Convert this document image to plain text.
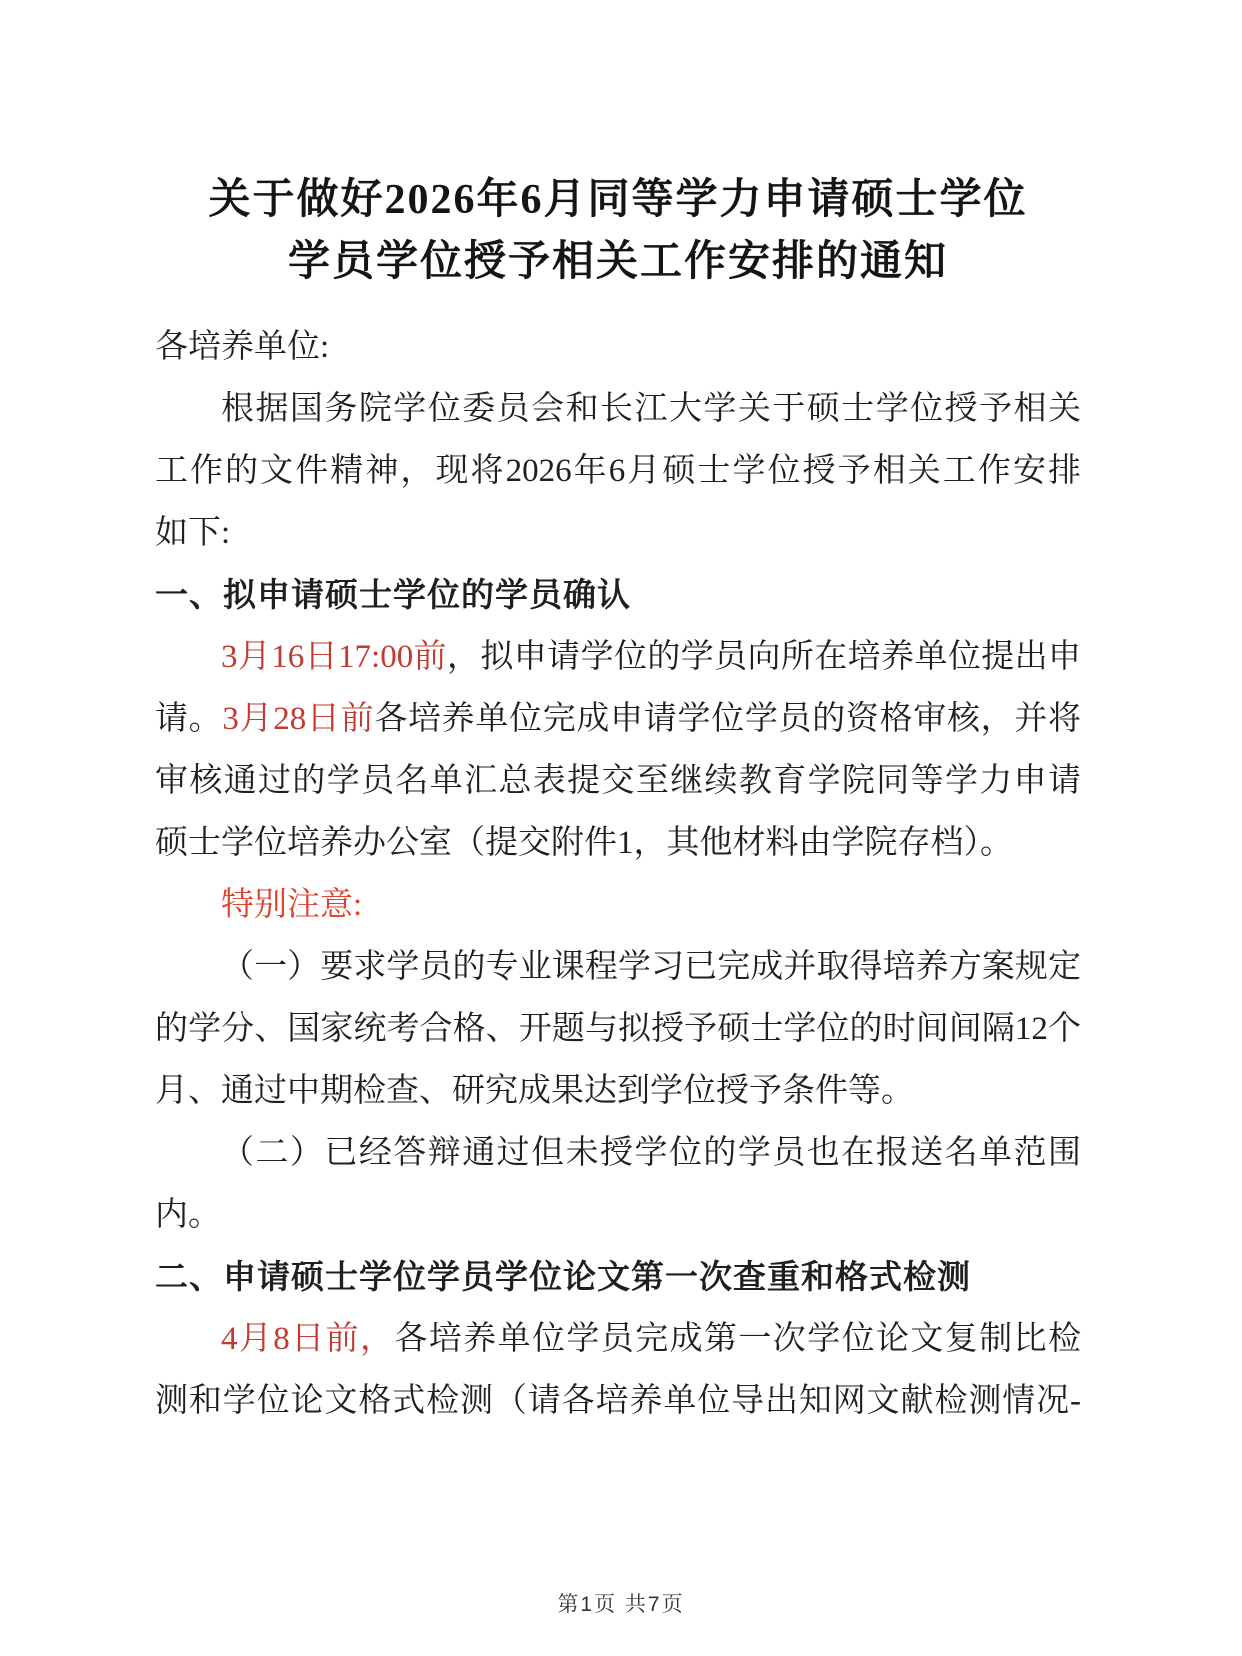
关于做好2026年6月同等学力申请硕士学位
学员学位授予相关工作安排的通知
各培养单位:
根据国务院学位委员会和长江大学关于硕士学位授予相关
工作的文件精神，现将2026年6月硕士学位授予相关工作安排
如下:
一、拟申请硕士学位的学员确认
3月16日17:00前，拟申请学位的学员向所在培养单位提出申
请。3月28日前各培养单位完成申请学位学员的资格审核，并将
审核通过的学员名单汇总表提交至继续教育学院同等学力申请
硕士学位培养办公室（提交附件1，其他材料由学院存档）。
特别注意:
（一）要求学员的专业课程学习已完成并取得培养方案规定
的学分、国家统考合格、开题与拟授予硕士学位的时间间隔12个
月、通过中期检查、研究成果达到学位授予条件等。
（二）已经答辩通过但未授学位的学员也在报送名单范围
内。
二、申请硕士学位学员学位论文第一次查重和格式检测
4月8日前，各培养单位学员完成第一次学位论文复制比检
测和学位论文格式检测（请各培养单位导出知网文献检测情况-
第1页 共7页
